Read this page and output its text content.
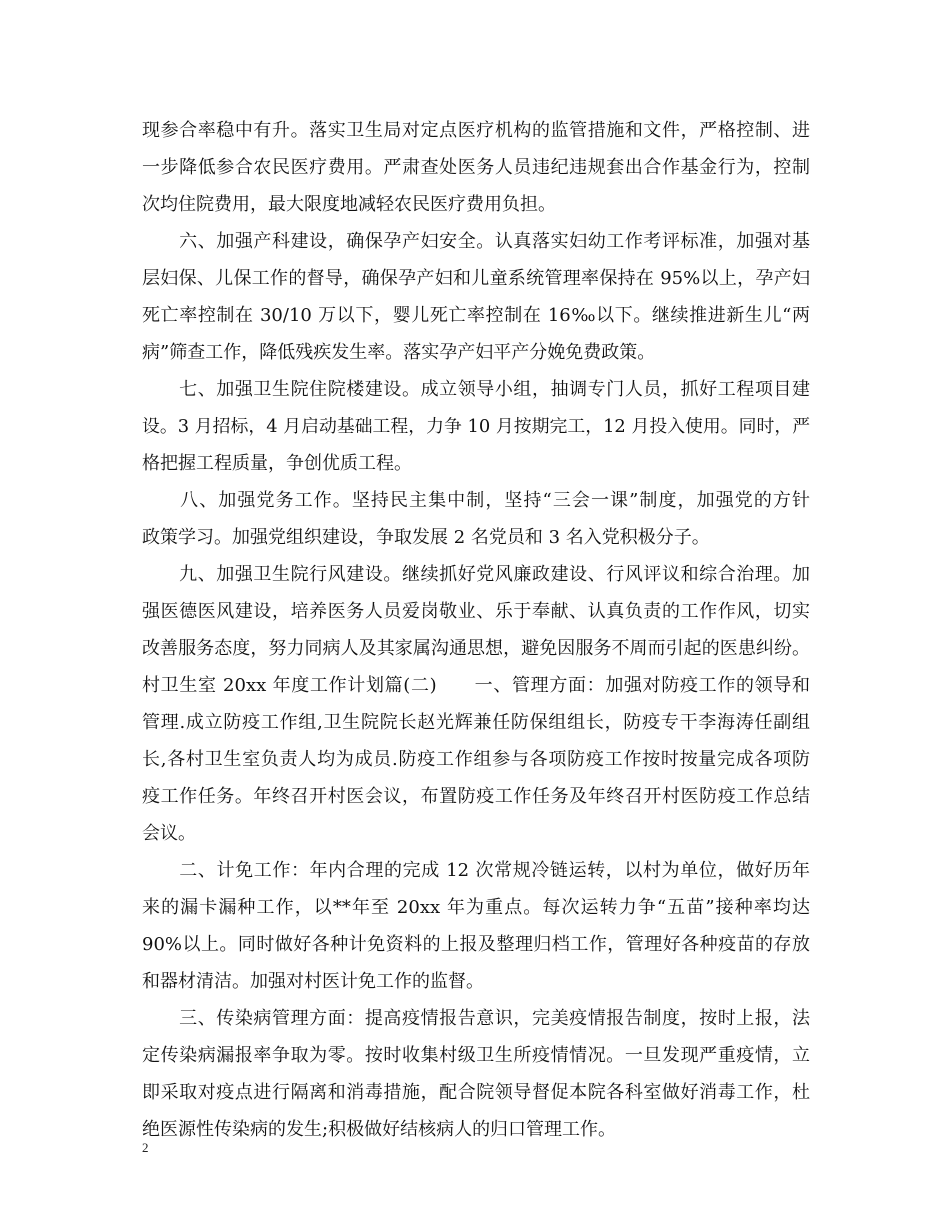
现参合率稳中有升。落实卫生局对定点医疗机构的监管措施和文件，严格控制、进
一步降低参合农民医疗费用。严肃查处医务人员违纪违规套出合作基金行为，控制
次均住院费用，最大限度地减轻农民医疗费用负担。
　　六、加强产科建设，确保孕产妇安全。认真落实妇幼工作考评标准，加强对基
层妇保、儿保工作的督导，确保孕产妇和儿童系统管理率保持在 95%以上，孕产妇
死亡率控制在 30/10 万以下，婴儿死亡率控制在 16‰以下。继续推进新生儿“两
病”筛查工作，降低残疾发生率。落实孕产妇平产分娩免费政策。
　　七、加强卫生院住院楼建设。成立领导小组，抽调专门人员，抓好工程项目建
设。3 月招标，4 月启动基础工程，力争 10 月按期完工，12 月投入使用。同时，严
格把握工程质量，争创优质工程。
　　八、加强党务工作。坚持民主集中制，坚持“三会一课”制度，加强党的方针
政策学习。加强党组织建设，争取发展 2 名党员和 3 名入党积极分子。
　　九、加强卫生院行风建设。继续抓好党风廉政建设、行风评议和综合治理。加
强医德医风建设，培养医务人员爱岗敬业、乐于奉献、认真负责的工作作风，切实
改善服务态度，努力同病人及其家属沟通思想，避免因服务不周而引起的医患纠纷。
村卫生室 20xx 年度工作计划篇(二)　　一、管理方面：加强对防疫工作的领导和
管理.成立防疫工作组,卫生院院长赵光辉兼任防保组组长，防疫专干李海涛任副组
长,各村卫生室负责人均为成员.防疫工作组参与各项防疫工作按时按量完成各项防
疫工作任务。年终召开村医会议，布置防疫工作任务及年终召开村医防疫工作总结
会议。
　　二、计免工作：年内合理的完成 12 次常规冷链运转，以村为单位，做好历年
来的漏卡漏种工作，以**年至 20xx 年为重点。每次运转力争“五苗”接种率均达
90%以上。同时做好各种计免资料的上报及整理归档工作，管理好各种疫苗的存放
和器材清洁。加强对村医计免工作的监督。
　　三、传染病管理方面：提高疫情报告意识，完美疫情报告制度，按时上报，法
定传染病漏报率争取为零。按时收集村级卫生所疫情情况。一旦发现严重疫情，立
即采取对疫点进行隔离和消毒措施，配合院领导督促本院各科室做好消毒工作，杜
绝医源性传染病的发生;积极做好结核病人的归口管理工作。
2
